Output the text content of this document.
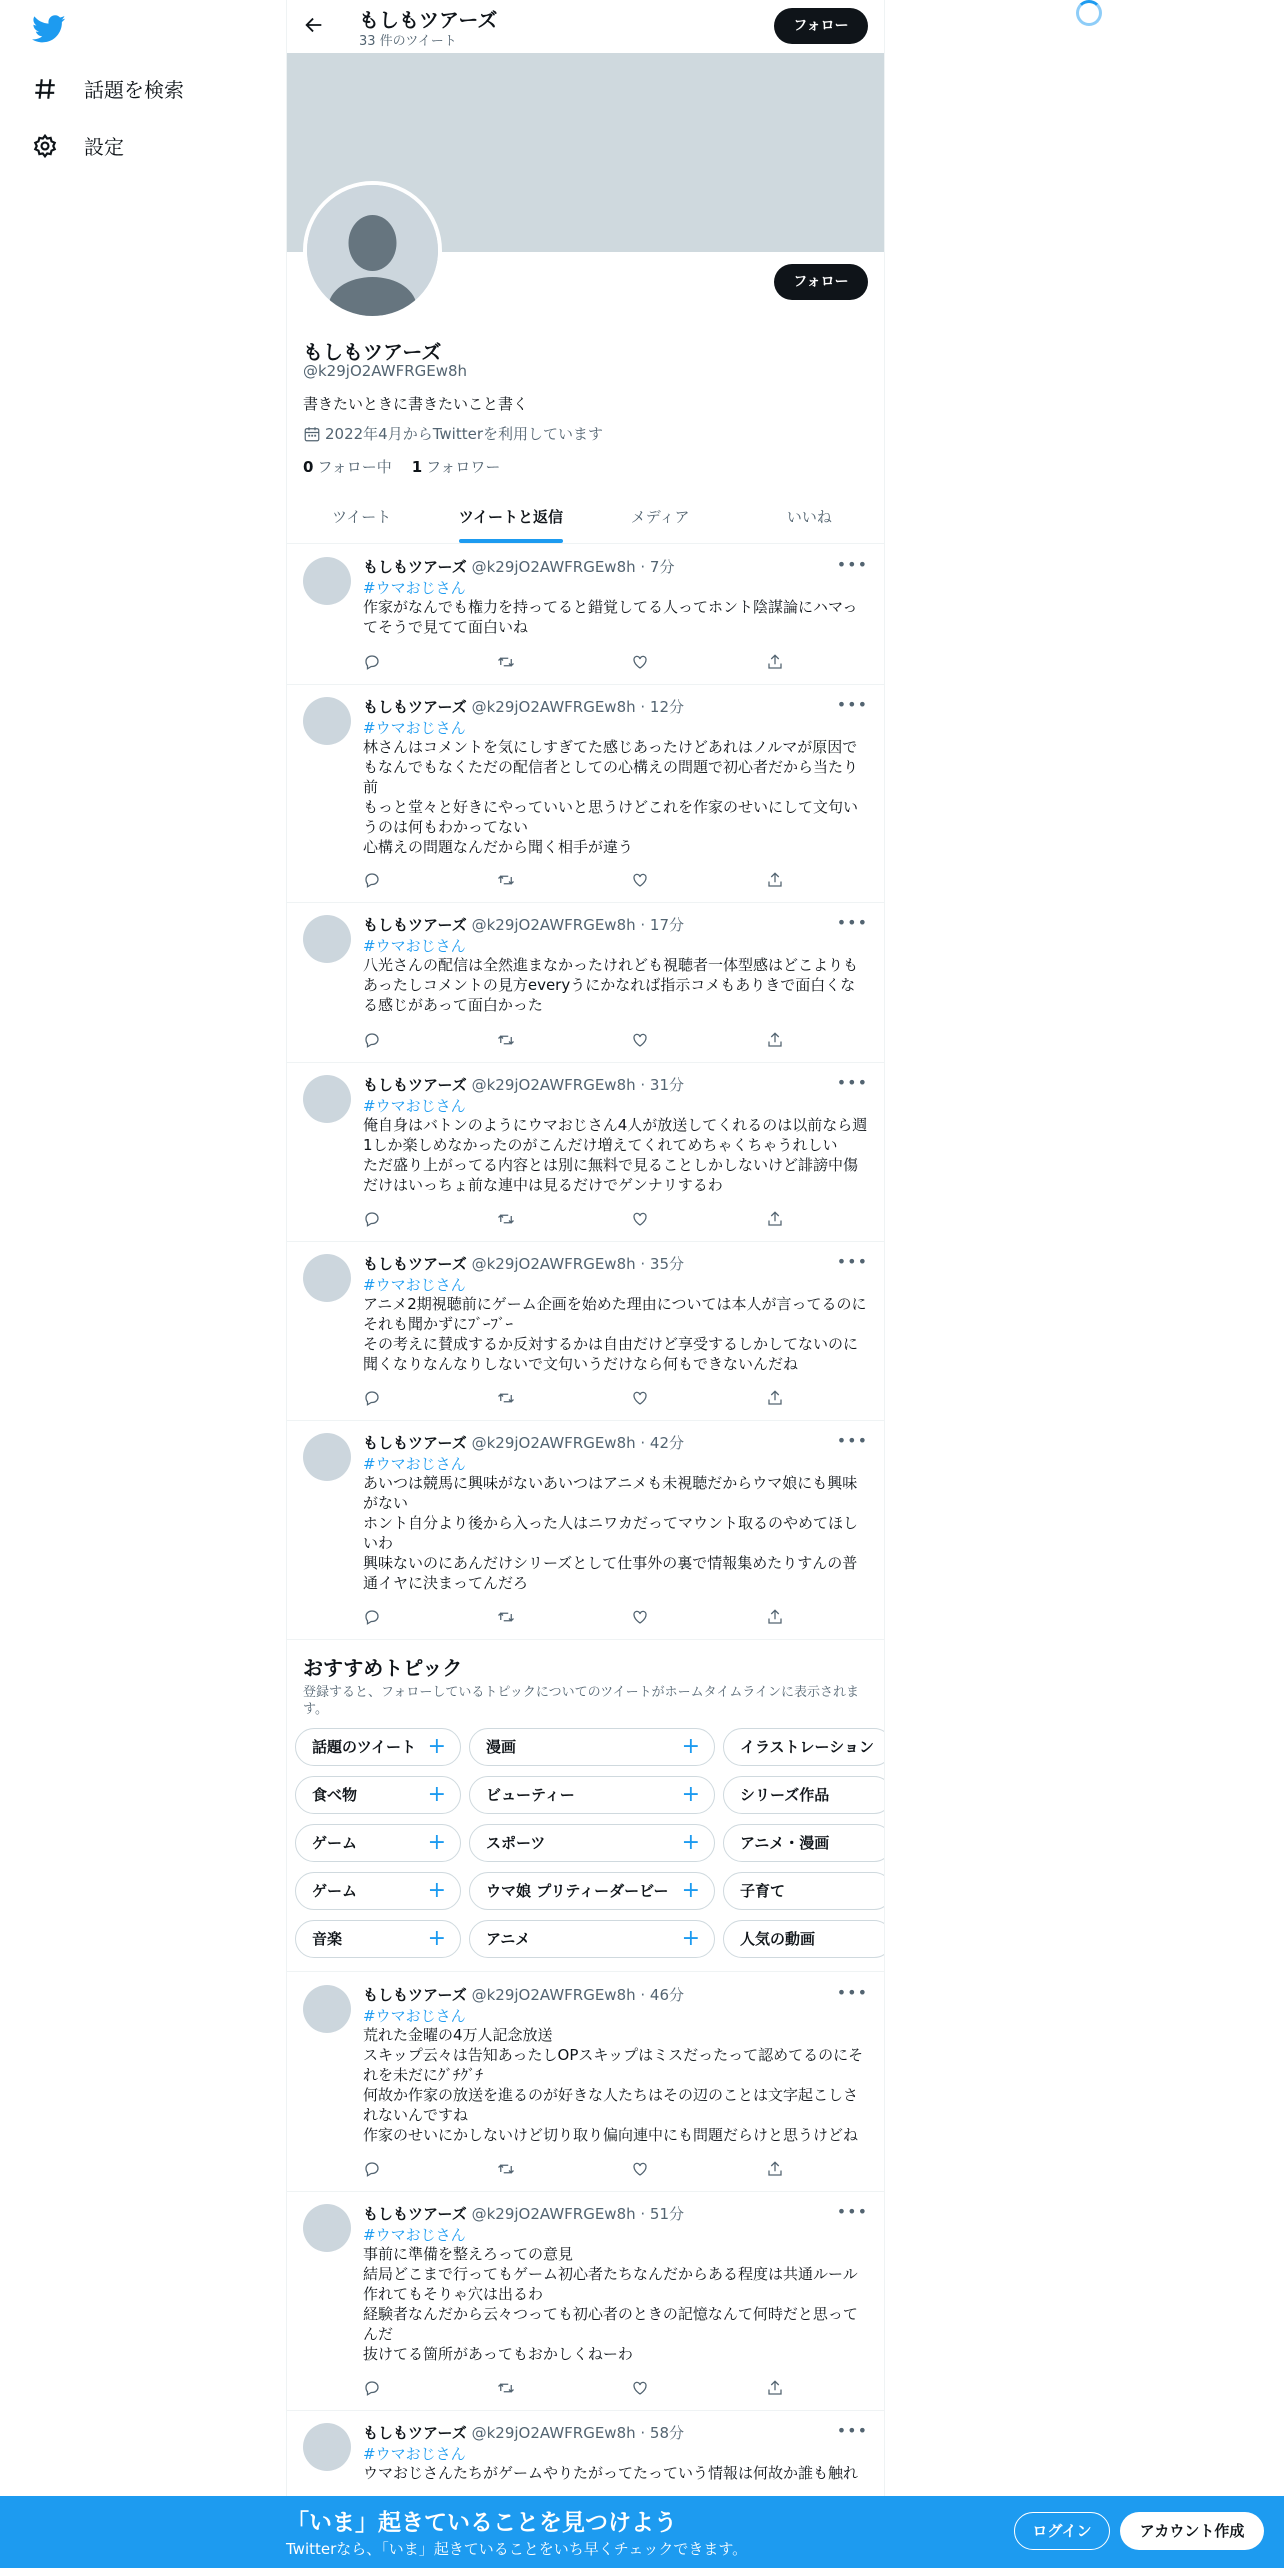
話題を検索
設定
もしもツアーズ
33 件のツイート
フォロー
フォロー
もしもツアーズ
@k29jO2AWFRGEw8h
書きたいときに書きたいこと書く
2022年4月からTwitterを利用しています
0 フォロー中 1 フォロワー
ツイート	ツイートと返信	メディア	いいね
もしもツアーズ @k29jO2AWFRGEw8h · 7分	•••
#ウマおじさん
作家がなんでも権力を持ってると錯覚してる人ってホント陰謀論にハマってそうで見てて面白いね
もしもツアーズ @k29jO2AWFRGEw8h · 12分	•••
#ウマおじさん
林さんはコメントを気にしすぎてた感じあったけどあれはノルマが原因でもなんでもなくただの配信者としての心構えの問題で初心者だから当たり前
もっと堂々と好きにやっていいと思うけどこれを作家のせいにして文句いうのは何もわかってない
心構えの問題なんだから聞く相手が違う
もしもツアーズ @k29jO2AWFRGEw8h · 17分	•••
#ウマおじさん
八光さんの配信は全然進まなかったけれども視聴者一体型感はどこよりもあったしコメントの見方everyうにかなれば指示コメもありきで面白くなる感じがあって面白かった
もしもツアーズ @k29jO2AWFRGEw8h · 31分	•••
#ウマおじさん
俺自身はバトンのようにウマおじさん4人が放送してくれるのは以前なら週1しか楽しめなかったのがこんだけ増えてくれてめちゃくちゃうれしい
ただ盛り上がってる内容とは別に無料で見ることしかしないけど誹謗中傷だけはいっちょ前な連中は見るだけでゲンナリするわ
もしもツアーズ @k29jO2AWFRGEw8h · 35分	•••
#ウマおじさん
アニメ2期視聴前にゲーム企画を始めた理由については本人が言ってるのにそれも聞かずにﾌﾞｰﾌﾞｰ
その考えに賛成するか反対するかは自由だけど享受するしかしてないのに聞くなりなんなりしないで文句いうだけなら何もできないんだね
もしもツアーズ @k29jO2AWFRGEw8h · 42分	•••
#ウマおじさん
あいつは競馬に興味がないあいつはアニメも未視聴だからウマ娘にも興味がない
ホント自分より後から入った人はニワカだってマウント取るのやめてほしいわ
興味ないのにあんだけシリーズとして仕事外の裏で情報集めたりすんの普通イヤに決まってんだろ
もしもツアーズ @k29jO2AWFRGEw8h · 46分	•••
#ウマおじさん
荒れた金曜の4万人記念放送
スキップ云々は告知あったしOPスキップはミスだったって認めてるのにそれを未だにｸﾞﾁｸﾞﾁ
何故か作家の放送を進るのが好きな人たちはその辺のことは文字起こしされないんですね
作家のせいにかしないけど切り取り偏向連中にも問題だらけと思うけどね
もしもツアーズ @k29jO2AWFRGEw8h · 51分	•••
#ウマおじさん
事前に準備を整えろっての意見
結局どこまで行ってもゲーム初心者たちなんだからある程度は共通ルール作れてもそりゃ穴は出るわ
経験者なんだから云々つっても初心者のときの記憶なんて何時だと思ってんだ
抜けてる箇所があってもおかしくねーわ
もしもツアーズ @k29jO2AWFRGEw8h · 58分	•••
#ウマおじさん
ウマおじさんたちがゲームやりたがってたっていう情報は何故か誰も触れ
おすすめトピック
登録すると、フォローしているトピックについてのツイートがホームタイムラインに表示されます。
話題のツイート +	漫画	+	イラストレーション
食べ物	+	ビューティー	+	シリーズ作品
ゲーム	+	スポーツ	+	アニメ・漫画
ゲーム	+	ウマ娘 プリティーダービー +	子育て
音楽	+	アニメ	+	人気の動画
「いま」起きていることを見つけよう
Twitterなら、「いま」起きていることをいち早くチェックできます。
ログイン	アカウント作成
